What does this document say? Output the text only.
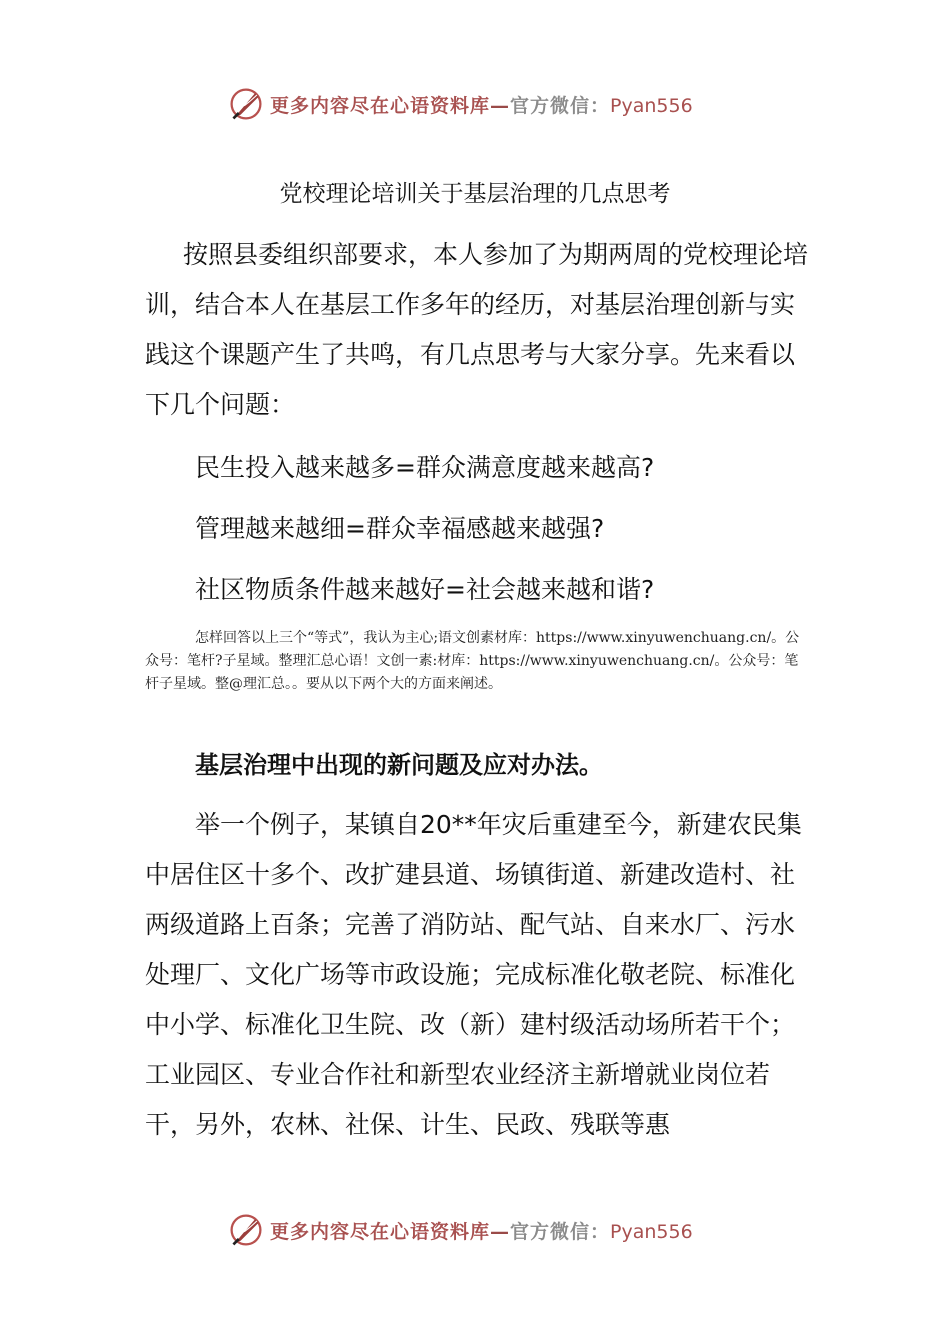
更多内容尽在心语资料库—官方微信：Pyan556
党校理论培训关于基层治理的几点思考
按照县委组织部要求，本人参加了为期两周的党校理论培训，结合本人在基层工作多年的经历，对基层治理创新与实践这个课题产生了共鸣，有几点思考与大家分享。先来看以下几个问题：
民生投入越来越多=群众满意度越来越高?
管理越来越细=群众幸福感越来越强?
社区物质条件越来越好=社会越来越和谐?
怎样回答以上三个“等式”，我认为主心;语文创素材库：https://www.xinyuwenchuang.cn/。公众号：笔杆?子星域。整理汇总心语！文创一素:材库：https://www.xinyuwenchuang.cn/。公众号：笔杆子星域。整@理汇总。。要从以下两个大的方面来阐述。
基层治理中出现的新问题及应对办法。
举一个例子，某镇自20**年灾后重建至今，新建农民集中居住区十多个、改扩建县道、场镇街道、新建改造村、社两级道路上百条；完善了消防站、配气站、自来水厂、污水处理厂、文化广场等市政设施；完成标准化敬老院、标准化中小学、标准化卫生院、改（新）建村级活动场所若干个；工业园区、专业合作社和新型农业经济主新增就业岗位若干，另外，农林、社保、计生、民政、残联等惠
更多内容尽在心语资料库—官方微信：Pyan556
